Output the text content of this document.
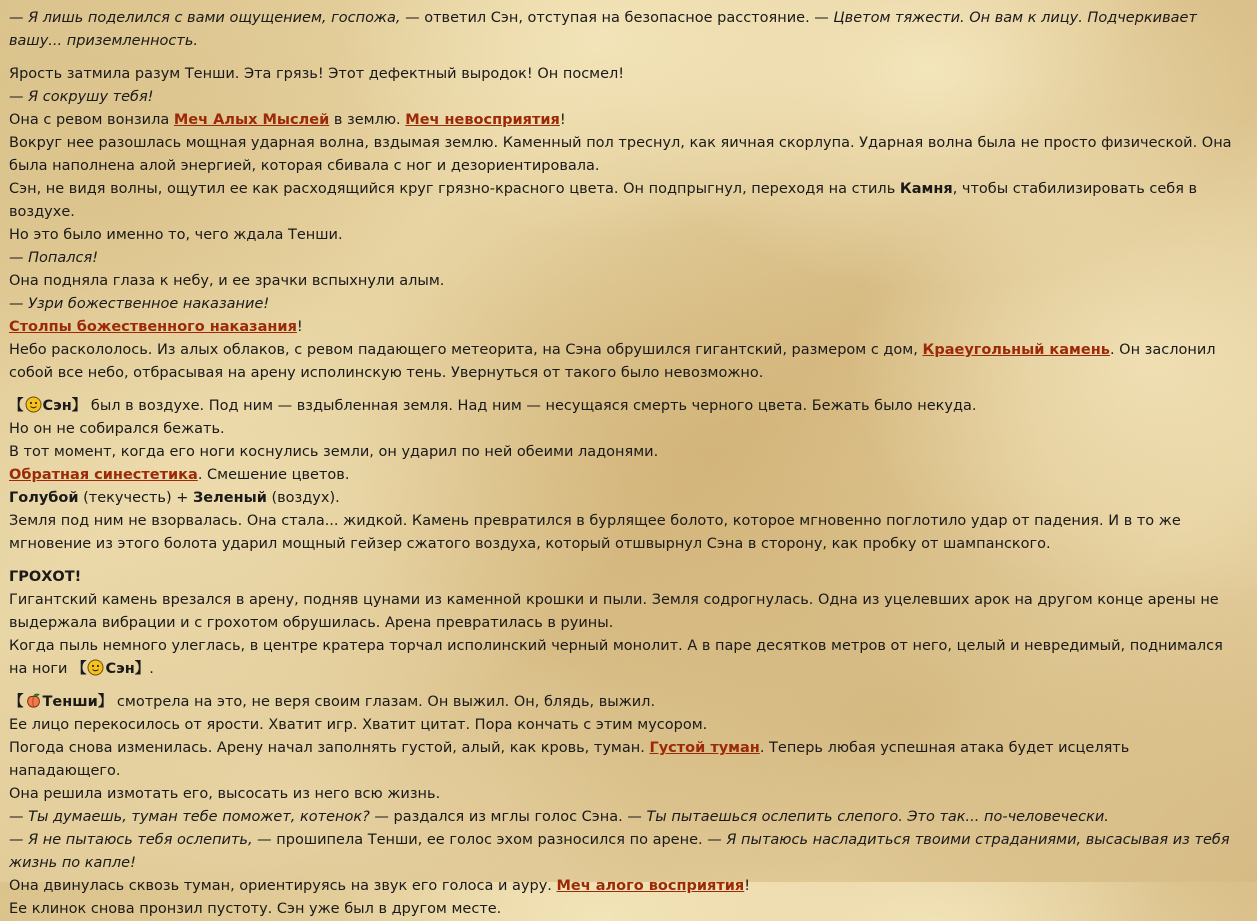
— Я лишь поделился с вами ощущением, госпожа, — ответил Сэн, отступая на безопасное расстояние. — Цветом тяжести. Он вам к лицу. Подчеркивает вашу... приземленность.

Ярость затмила разум Тенши. Эта грязь! Этот дефектный выродок! Он посмел!

— Я сокрушу тебя!

Она с ревом вонзила Меч Алых Мыслей в землю. Меч невосприятия!

Вокруг нее разошлась мощная ударная волна, вздымая землю. Каменный пол треснул, как яичная скорлупа. Ударная волна была не просто физической. Она была наполнена алой энергией, которая сбивала с ног и дезориентировала.

Сэн, не видя волны, ощутил ее как расходящийся круг грязно-красного цвета. Он подпрыгнул, переходя на стиль Камня, чтобы стабилизировать себя в воздухе.

Но это было именно то, чего ждала Тенши.

— Попался!

Она подняла глаза к небу, и ее зрачки вспыхнули алым.

— Узри божественное наказание!

Столпы божественного наказания!

Небо раскололось. Из алых облаков, с ревом падающего метеорита, на Сэна обрушился гигантский, размером с дом, Краеугольный камень. Он заслонил собой все небо, отбрасывая на арену исполинскую тень. Увернуться от такого было невозможно.

【 Сэн】 был в воздухе. Под ним — вздыбленная земля. Над ним — несущаяся смерть черного цвета. Бежать было некуда.

Но он не собирался бежать.

В тот момент, когда его ноги коснулись земли, он ударил по ней обеими ладонями.

Обратная синестетика. Смешение цветов.

Голубой (текучесть) + Зеленый (воздух).

Земля под ним не взорвалась. Она стала... жидкой. Камень превратился в бурлящее болото, которое мгновенно поглотило удар от падения. И в то же мгновение из этого болота ударил мощный гейзер сжатого воздуха, который отшвырнул Сэна в сторону, как пробку от шампанского.

ГРОХОТ!

Гигантский камень врезался в арену, подняв цунами из каменной крошки и пыли. Земля содрогнулась. Одна из уцелевших арок на другом конце арены не выдержала вибрации и с грохотом обрушилась. Арена превратилась в руины.

Когда пыль немного улеглась, в центре кратера торчал исполинский черный монолит. А в паре десятков метров от него, целый и невредимый, поднимался на ноги 【 Сэн】.

【 Тенши】 смотрела на это, не веря своим глазам. Он выжил. Он, блядь, выжил.

Ее лицо перекосилось от ярости. Хватит игр. Хватит цитат. Пора кончать с этим мусором.

Погода снова изменилась. Арену начал заполнять густой, алый, как кровь, туман. Густой туман. Теперь любая успешная атака будет исцелять нападающего.

Она решила измотать его, высосать из него всю жизнь.

— Ты думаешь, туман тебе поможет, котенок? — раздался из мглы голос Сэна. — Ты пытаешься ослепить слепого. Это так... по-человечески.

— Я не пытаюсь тебя ослепить, — прошипела Тенши, ее голос эхом разносился по арене. — Я пытаюсь насладиться твоими страданиями, высасывая из тебя жизнь по капле!

Она двинулась сквозь туман, ориентируясь на звук его голоса и ауру. Меч алого восприятия!

Ее клинок снова пронзил пустоту. Сэн уже был в другом месте.
